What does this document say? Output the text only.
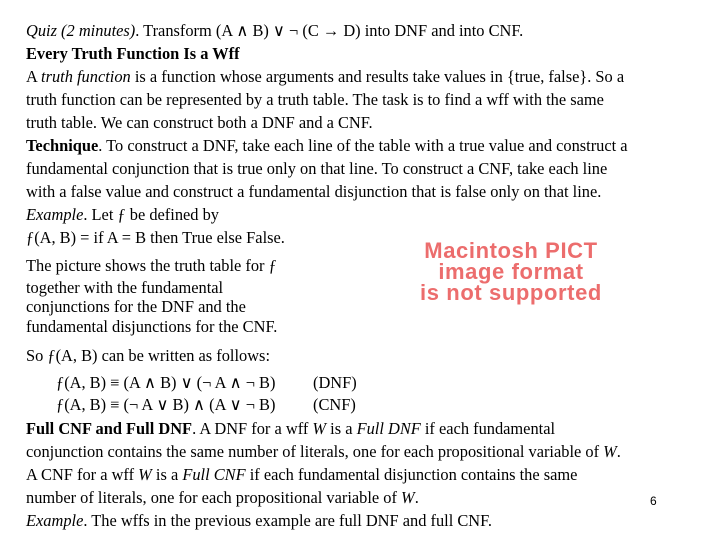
Quiz (2 minutes). Transform (A ∧ B) ∨ ¬ (C → D) into DNF and into CNF.
Every Truth Function Is a Wff
A truth function is a function whose arguments and results take values in {true, false}. So a
truth function can be represented by a truth table. The task is to find a wff with the same
truth table. We can construct both a DNF and a CNF.
Technique. To construct a DNF, take each line of the table with a true value and construct a
fundamental conjunction that is true only on that line. To construct a CNF, take each line
with a false value and construct a fundamental disjunction that is false only on that line.
Example. Let ƒ be defined by
ƒ(A, B) = if A = B then True else False.
The picture shows the truth table for ƒ
together with the fundamental
conjunctions for the DNF and the
fundamental disjunctions for the CNF.
Macintosh PICT
image format
is not supported
So ƒ(A, B) can be written as follows:
ƒ(A, B) ≡ (A ∧ B) ∨ (¬ A ∧ ¬ B) (DNF)
ƒ(A, B) ≡ (¬ A ∨ B) ∧ (A ∨ ¬ B) (CNF)
Full CNF and Full DNF. A DNF for a wff W is a Full DNF if each fundamental
conjunction contains the same number of literals, one for each propositional variable of W.
A CNF for a wff W is a Full CNF if each fundamental disjunction contains the same
number of literals, one for each propositional variable of W.
Example. The wffs in the previous example are full DNF and full CNF.
6
